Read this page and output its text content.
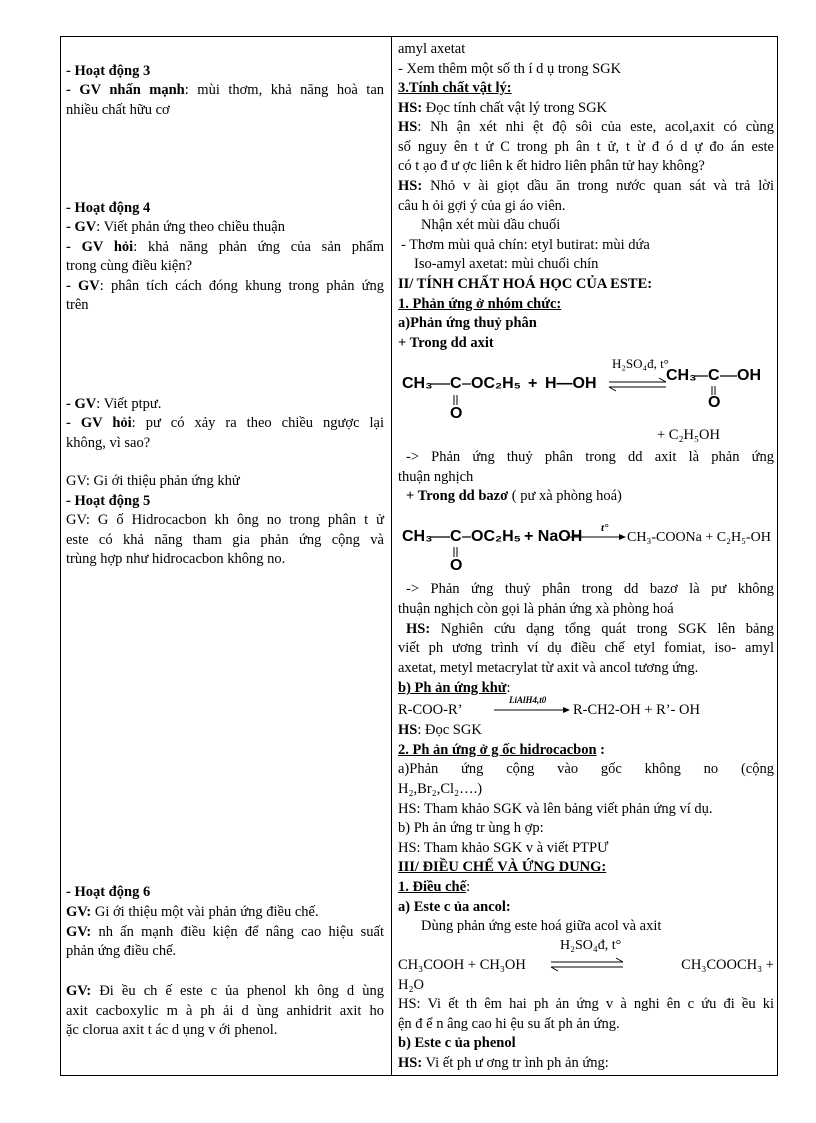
- Hoạt động 3
- GV nhấn mạnh: mùi thơm, khả năng hoà tan
nhiều chất hữu cơ
- Hoạt động 4
- GV: Viết phản ứng theo chiều thuận
- GV hỏi: khả năng phản ứng của sản phẩm
trong cùng điều kiện?
- GV: phân tích cách đóng khung trong phản ứng
trên
- GV: Viết ptpư.
- GV hỏi: pư có xảy ra theo chiều ngược lại
không, vì sao?
GV: Gi ới thiệu phản ứng khử
- Hoạt động 5
GV: G ố Hidrocacbon kh ông no trong phân t ử
este có khả năng tham gia phản ứng cộng và
trùng hợp như hidrocacbon không no.
- Hoạt động 6
GV: Gi ới thiệu một vài phản ứng điều chế.
GV: nh ấn mạnh điều kiện để nâng cao hiệu suất
phản ứng điều chế.
GV: Đi ều ch ế este c ủa phenol kh ông d ùng
axit cacboxylic m à ph ải d ùng anhidrit axit ho
ặc clorua axit t ác d ụng v ới phenol.
amyl axetat
- Xem thêm một số th í d ụ trong SGK
3.Tính chất vật lý:
HS: Đọc tính chất vật lý trong SGK
HS: Nh ận xét nhi ệt độ sôi của este, acol,axit có cùng
số nguy ên t ử C trong ph ân t ử, t ừ đ ó d ự đo án este
có t ạo đ ư ợc liên k ết hidro liên phân tử hay không?
HS: Nhỏ v ài giọt dầu ăn trong nước quan sát và trả lời
câu h ỏi gợi ý của gi áo viên.
Nhận xét mùi dầu chuối
- Thơm mùi quả chín: etyl butirat: mùi dứa
Iso-amyl axetat: mùi chuối chín
II/ TÍNH CHẤT HOÁ HỌC CỦA ESTE:
1. Phản ứng ở nhóm chức:
a)Phản ứng thuỷ phân
+ Trong dd axit
H₂SO₄đ, t°
CH₃ C OC₂H₅ + H—OH
O
CH₃ C OH
O
+ C₂H₅OH
-> Phản ứng thuỷ phân trong dd axit là phản ứng
thuận nghịch
+ Trong dd bazơ ( pư xà phòng hoá)
CH₃ C OC₂H₅ + NaOH
O
t°
CH₃-COONa + C₂H₅-OH
-> Phản ứng thuỷ phân trong dd bazơ là pư không
thuận nghịch còn gọi là phản ứng xà phòng hoá
HS: Nghiên cứu dạng tổng quát trong SGK lên bảng
viết ph ương trình ví dụ điều chế etyl fomiat, iso- amyl
axetat, metyl metacrylat từ axit và ancol tương ứng.
b) Ph ản ứng khử:
R-COO-R’
LiAlH4,t0
R-CH2-OH + R’- OH
HS: Đọc SGK
2. Ph ản ứng ở g ốc hidrocacbon :
a)Phản ứng cộng vào gốc không no (cộng
H₂,Br₂,Cl₂….)
HS: Tham khảo SGK và lên bảng viết phản ứng ví dụ.
b) Ph ản ứng tr ùng h ợp:
HS: Tham khảo SGK v à viết PTPƯ
III/ ĐIỀU CHẾ VÀ ỨNG DUNG:
1. Điều chế:
a) Este c ủa ancol:
Dùng phản ứng este hoá giữa acol và axit
H₂SO₄đ, t°
CH₃COOH + CH₃OH	CH₃COOCH₃ +
H₂O
HS: Vi ết th êm hai ph ản ứng v à nghi ên c ứu đi ều ki
ện đ ể n âng cao hi ệu su ất ph ản ứng.
b) Este c ủa phenol
HS: Vi ết ph ư ơng tr ình ph ản ứng:
